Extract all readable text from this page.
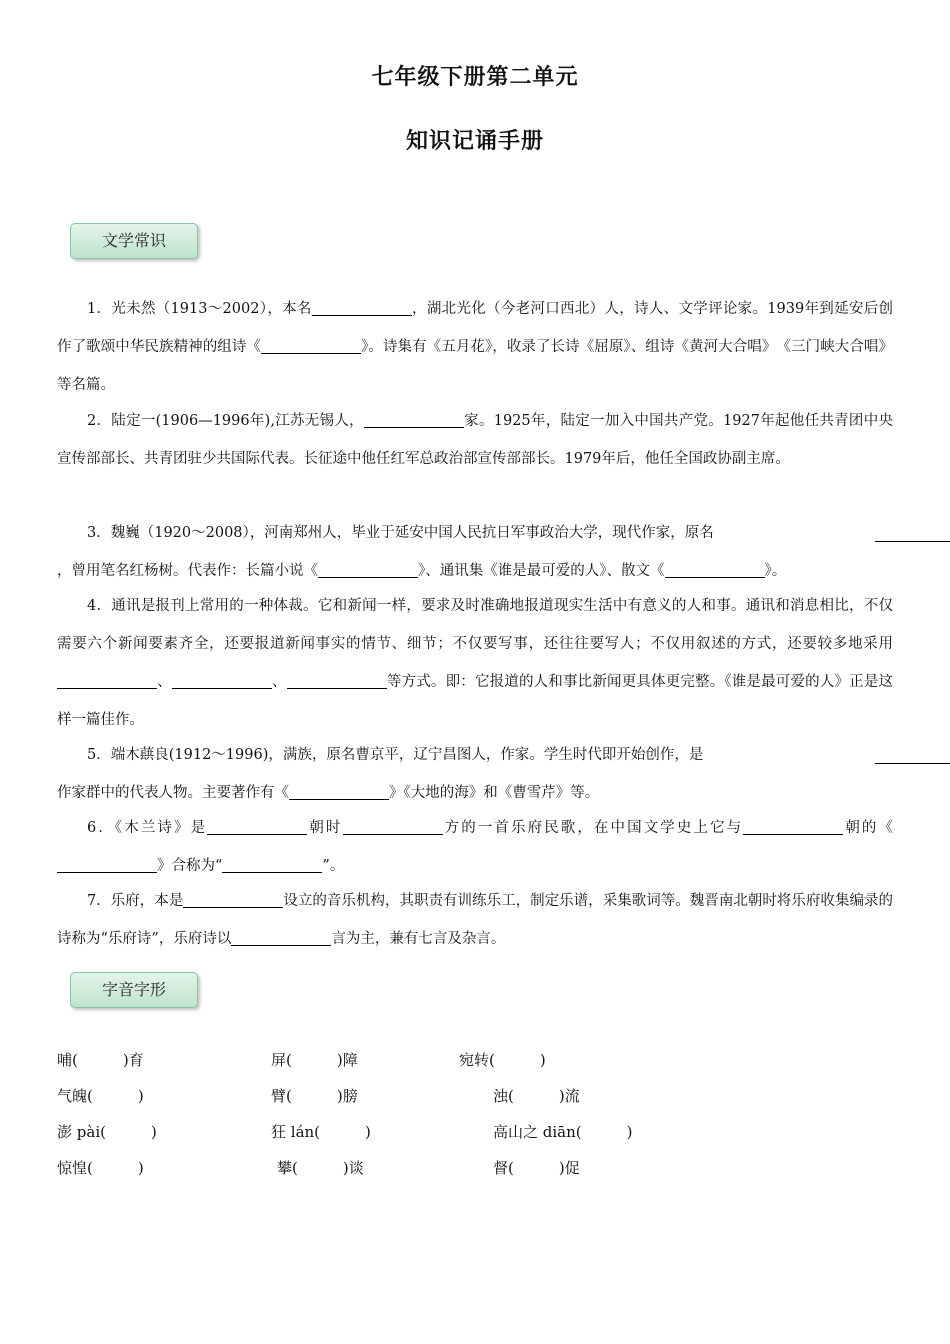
七年级下册第二单元
知识记诵手册
文学常识
1．光未然（1913～2002），本名	，湖北光化（今老河口西北）人，诗人、文学评论家。1939年到延安后创作了歌颂中华民族精神的组诗《	》。诗集有《五月花》，收录了长诗《屈原》、组诗《黄河大合唱》　《三门峡大合唱》等名篇。
2．陆定一(1906—1996年),江苏无锡人，	家。1925年，陆定一加入中国共产党。1927年起他任共青团中央宣传部部长、共青团驻少共国际代表。长征途中他任红军总政治部宣传部部长。1979年后，他任全国政协副主席。
3．魏巍（1920～2008），河南郑州人，毕业于延安中国人民抗日军事政治大学，现代作家，原名
，曾用笔名红杨树。代表作：长篇小说《	》、通讯集《谁是最可爱的人》、散文《	》。
4．通讯是报刊上常用的一种体裁。它和新闻一样，要求及时准确地报道现实生活中有意义的人和事。通讯和消息相比，不仅需要六个新闻要素齐全，还要报道新闻事实的情节、细节；不仅要写事，还往往要写人；不仅用叙述的方式，还要较多地采用、	、	等方式。即：它报道的人和事比新闻更具体更完整。《谁是最可爱的人》正是这样一篇佳作。
5．端木蕻良(1912～1996)，满族，原名曹京平，辽宁昌图人，作家。学生时代即开始创作，是
作家群中的代表人物。主要著作有《	》《大地的海》和《曹雪芹》等。
6．《木兰诗》是	朝时	方的一首乐府民歌，在中国文学史上它与	朝的《》合称为“	”。
7．乐府，本是	设立的音乐机构，其职责有训练乐工，制定乐谱，采集歌词等。魏晋南北朝时将乐府收集编录的诗称为“乐府诗”，乐府诗以	言为主，兼有七言及杂言。
字音字形
哺(　　　)育	屏(　　　)障	宛转(　　　)
气魄(　　　)	臂(　　　)膀	浊(　　　)流
澎 pài(　　　)	狂 lán(　　　)	高山之 diān(　　　)
惊惶(　　　)	攀(　　　)谈	督(　　　)促
